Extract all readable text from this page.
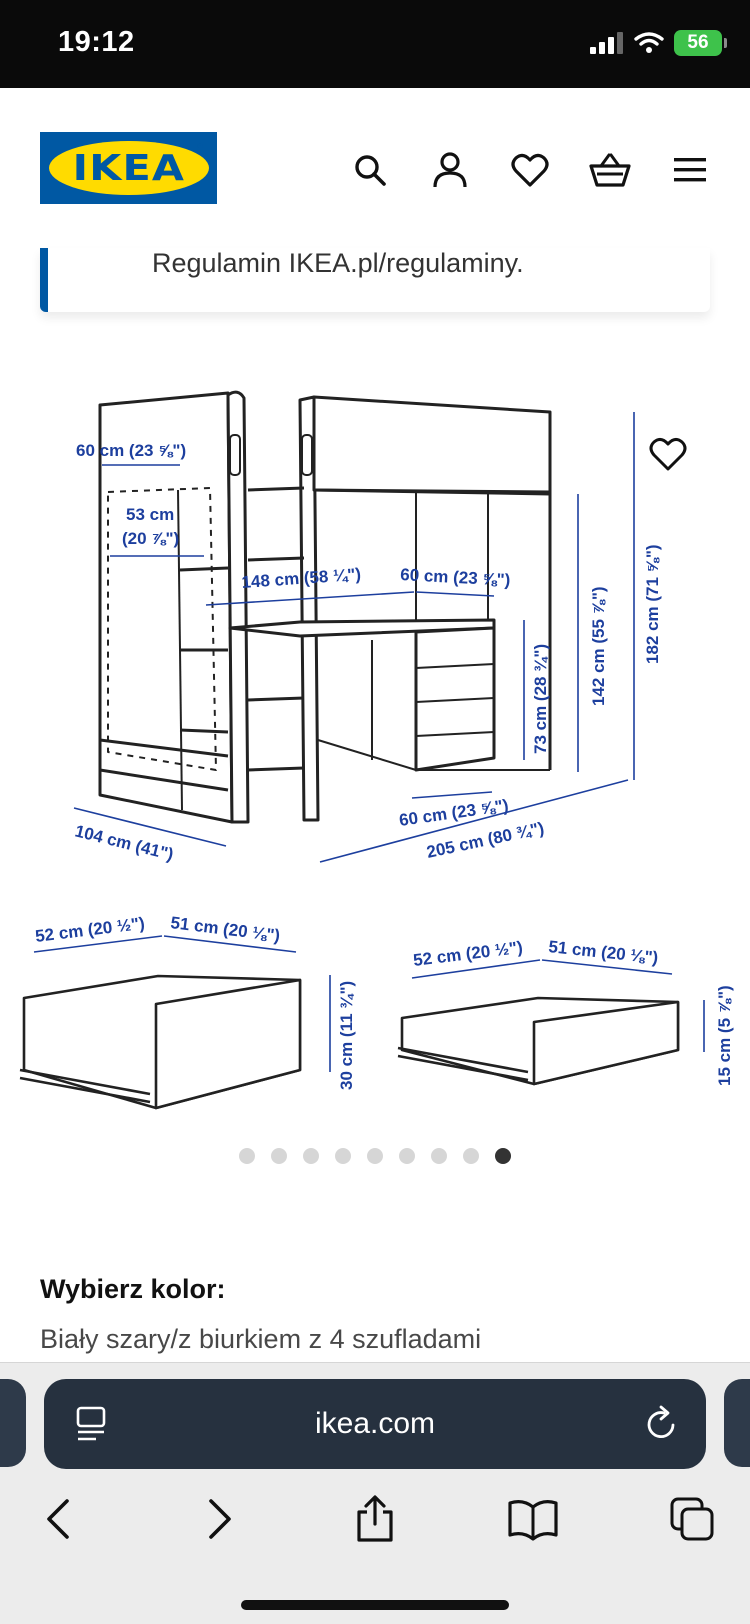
19:12	56
IKEA
®
Regulamin IKEA.pl/regulaminy.
60 cm (23 ⅝")
53 cm
(20 ⅞")
148 cm (58 ¼") 60 cm (23 ⅝")	182 cm (71 ⅝")
142 cm (55 ⅞")
73 cm (28 ¾")
60 cm (23 ⅝")
104 cm (41")	205 cm (80 ¾")
52 cm (20 ½") 51 cm (20 ⅛")
30 cm (11 ¾")
52 cm (20 ½") 51 cm (20 ⅛")
15 cm (5 ⅞")
Wybierz kolor:
Biały szary/z biurkiem z 4 szufladami
ikea.com
